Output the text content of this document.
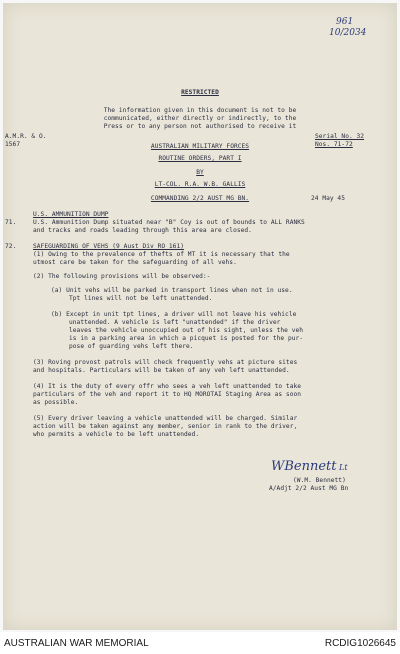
961
10/2034
RESTRICTED
The information given in this document is not to be
communicated, either directly or indirectly, to the
Press or to any person not authorised to receive it
A.M.R. & O.
1567
Serial No. 32
Nos. 71-72
AUSTRALIAN MILITARY FORCES
ROUTINE ORDERS, PART I
BY
LT-COL. R.A. W.B. GALLIS
COMMANDING 2/2 AUST MG BN.	24 May 45
U.S. AMMUNITION DUMP
71.	U.S. Ammunition Dump situated near "B" Coy is out of bounds to ALL RANKS
and tracks and roads leading through this area are closed.
72.	SAFEGUARDING OF VEHS (9 Aust Div RO 161)
(1) Owing to the prevalence of thefts of MT it is necessary that the
utmost care be taken for the safeguarding of all vehs.
(2) The following provisions will be observed:-
(a) Unit vehs will be parked in transport lines when not in use.
Tpt lines will not be left unattended.
(b) Except in unit tpt lines, a driver will not leave his vehicle
unattended. A vehicle is left "unattended" if the driver
leaves the vehicle unoccupied out of his sight, unless the veh
is in a parking area in which a picquet is posted for the pur-
pose of guarding vehs left there.
(3) Roving provost patrols will check frequently vehs at picture sites
and hospitals. Particulars will be taken of any veh left unattended.
(4) It is the duty of every offr who sees a veh left unattended to take
particulars of the veh and report it to HQ MOROTAI Staging Area as soon
as possible.
(5) Every driver leaving a vehicle unattended will be charged. Similar
action will be taken against any member, senior in rank to the driver,
who permits a vehicle to be left unattended.
WBennett Lt
(W.M. Bennett)
A/Adjt 2/2 Aust MG Bn
AUSTRALIAN WAR MEMORIAL	RCDIG1026645
